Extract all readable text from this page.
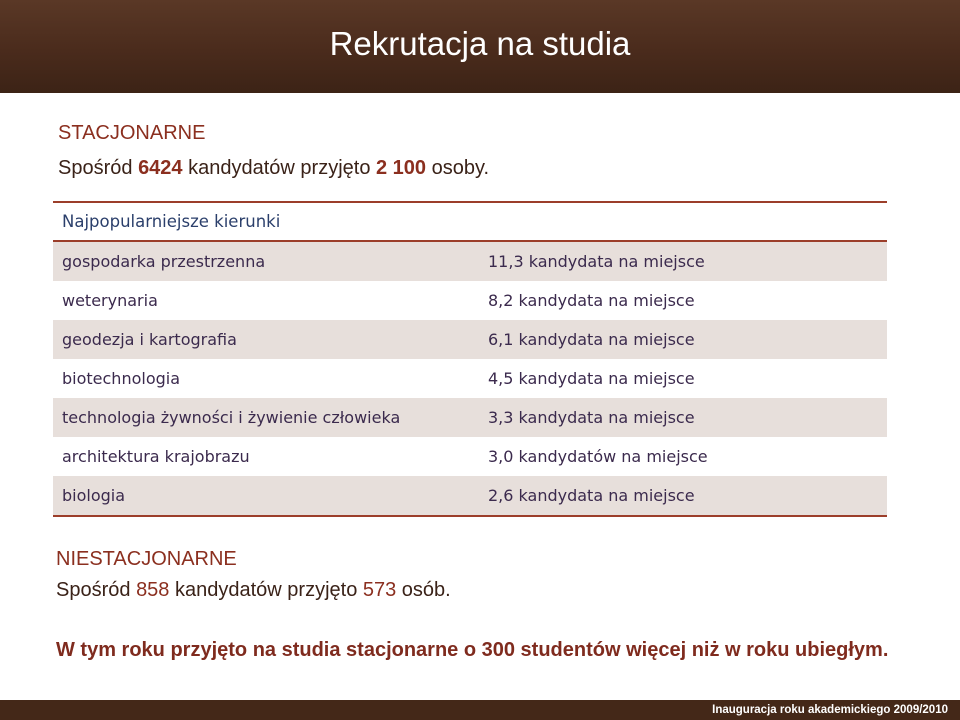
Rekrutacja na studia
STACJONARNE
Spośród 6424 kandydatów przyjęto 2 100 osoby.
Najpopularniejsze kierunki
gospodarka przestrzenna	11,3 kandydata na miejsce
weterynaria	8,2 kandydata na miejsce
geodezja i kartografia	6,1 kandydata na miejsce
biotechnologia	4,5 kandydata na miejsce
technologia żywności i żywienie człowieka	3,3 kandydata na miejsce
architektura krajobrazu	3,0 kandydatów na miejsce
biologia	2,6 kandydata na miejsce
NIESTACJONARNE
Spośród 858 kandydatów przyjęto 573 osób.
W tym roku przyjęto na studia stacjonarne o 300 studentów więcej niż w roku ubiegłym.
Inauguracja roku akademickiego 2009/2010
